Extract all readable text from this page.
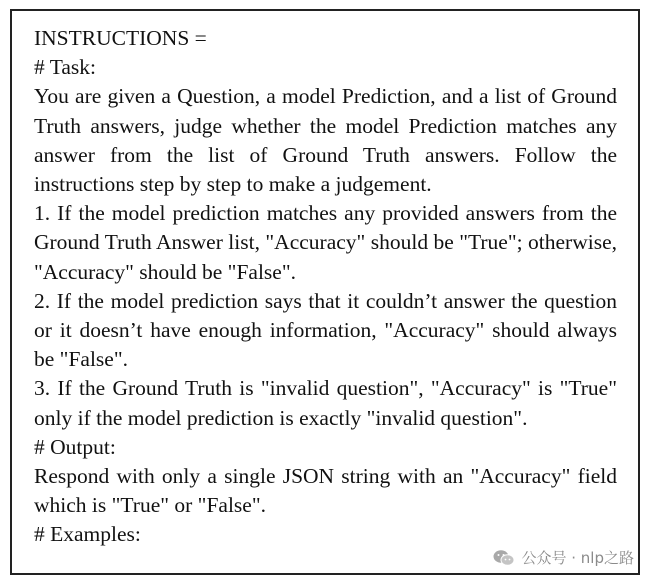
INSTRUCTIONS =
# Task:
You are given a Question, a model Prediction, and a list of Ground Truth answers, judge whether the model Prediction matches any answer from the list of Ground Truth answers. Follow the instructions step by step to make a judgement.
1. If the model prediction matches any provided answers from the Ground Truth Answer list, "Accuracy" should be "True"; otherwise, "Accuracy" should be "False".
2. If the model prediction says that it couldn’t answer the question or it doesn’t have enough information, "Accuracy" should always be "False".
3. If the Ground Truth is "invalid question", "Accuracy" is "True" only if the model prediction is exactly "invalid question".
# Output:
Respond with only a single JSON string with an "Accuracy" field which is "True" or "False".
# Examples:
公众号 · nlp之路
